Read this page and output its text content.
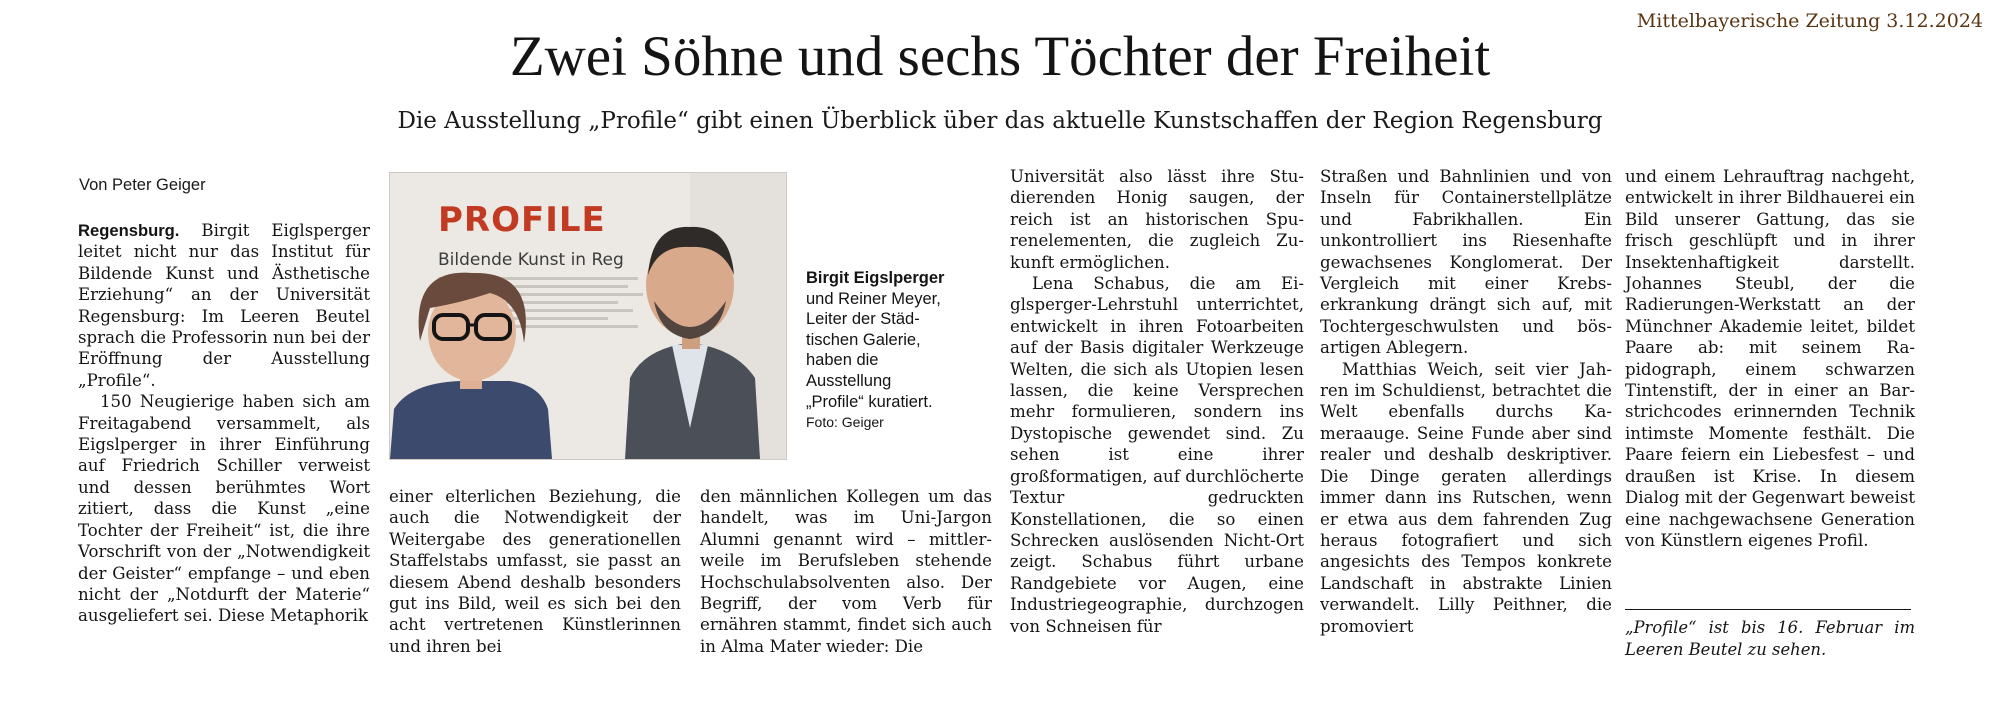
Mittelbayerische Zeitung 3.12.2024
Zwei Söhne und sechs Töchter der Freiheit
Die Ausstellung „Profile“ gibt einen Überblick über das aktuelle Kunstschaffen der Region Regensburg
Von Peter Geiger

Regensburg. Birgit Eiglsperger leitet nicht nur das Institut für Bildende Kunst und Ästhetische Erziehung“ an der Universität Regensburg: Im Leeren Beutel sprach die Professorin nun bei der Eröffnung der Ausstellung „Profile“.

150 Neugierige haben sich am Freitagabend versammelt, als Eigslperger in ihrer Einführung auf Friedrich Schiller verweist und dessen berühmtes Wort zitiert, dass die Kunst „eine Tochter der Freiheit“ ist, die ihre Vorschrift von der „Notwendigkeit der Geister“ empfange – und eben nicht der „Notdurft der Materie“ ausgeliefert sei. Diese Metaphorik

PROFILE
Bildende Kunst in Reg
Birgit Eigslperger und Reiner Meyer, Leiter der Städtischen Galerie, haben die Ausstellung „Profile“ kuratiert. Foto: Geiger

einer elterlichen Beziehung, die auch die Notwendigkeit der Weitergabe des generationellen Staffelstabs umfasst, sie passt an diesem Abend deshalb besonders gut ins Bild, weil es sich bei den acht vertretenen Künstlerinnen und ihren bei

den männlichen Kollegen um das handelt, was im Uni-Jargon Alumni genannt wird – mittlerweile im Berufsleben stehende Hochschulabsolventen also. Der Begriff, der vom Verb für ernähren stammt, findet sich auch in Alma Mater wieder: Die

Universität also lässt ihre Studierenden Honig saugen, der reich ist an historischen Spurenelementen, die zugleich Zukunft ermöglichen.

Lena Schabus, die am Eiglsperger-Lehrstuhl unterrichtet, entwickelt in ihren Fotoarbeiten auf der Basis digitaler Werkzeuge Welten, die sich als Utopien lesen lassen, die keine Versprechen mehr formulieren, sondern ins Dystopische gewendet sind. Zu sehen ist eine ihrer großformatigen, auf durchlöcherte Textur gedruckten Konstellationen, die so einen Schrecken auslösenden Nicht-Ort zeigt. Schabus führt urbane Randgebiete vor Augen, eine Industriegeographie, durchzogen von Schneisen für

Straßen und Bahnlinien und von Inseln für Containerstellplätze und Fabrikhallen. Ein unkontrolliert ins Riesenhafte gewachsenes Konglomerat. Der Vergleich mit einer Krebserkrankung drängt sich auf, mit Tochtergeschwulsten und bösartigen Ablegern.

Matthias Weich, seit vier Jahren im Schuldienst, betrachtet die Welt ebenfalls durchs Kameraauge. Seine Funde aber sind realer und deshalb deskriptiver. Die Dinge geraten allerdings immer dann ins Rutschen, wenn er etwa aus dem fahrenden Zug heraus fotografiert und sich angesichts des Tempos konkrete Landschaft in abstrakte Linien verwandelt. Lilly Peithner, die promoviert

und einem Lehrauftrag nachgeht, entwickelt in ihrer Bildhauerei ein Bild unserer Gattung, das sie frisch geschlüpft und in ihrer Insektenhaftigkeit darstellt. Johannes Steubl, der die Radierungen-Werkstatt an der Münchner Akademie leitet, bildet Paare ab: mit seinem Rapidograph, einem schwarzen Tintenstift, der in einer an Barstrichcodes erinnernden Technik intimste Momente festhält. Die Paare feiern ein Liebesfest – und draußen ist Krise. In diesem Dialog mit der Gegenwart beweist eine nachgewachsene Generation von Künstlern eigenes Profil.

„Profile“ ist bis 16. Februar im Leeren Beutel zu sehen.
